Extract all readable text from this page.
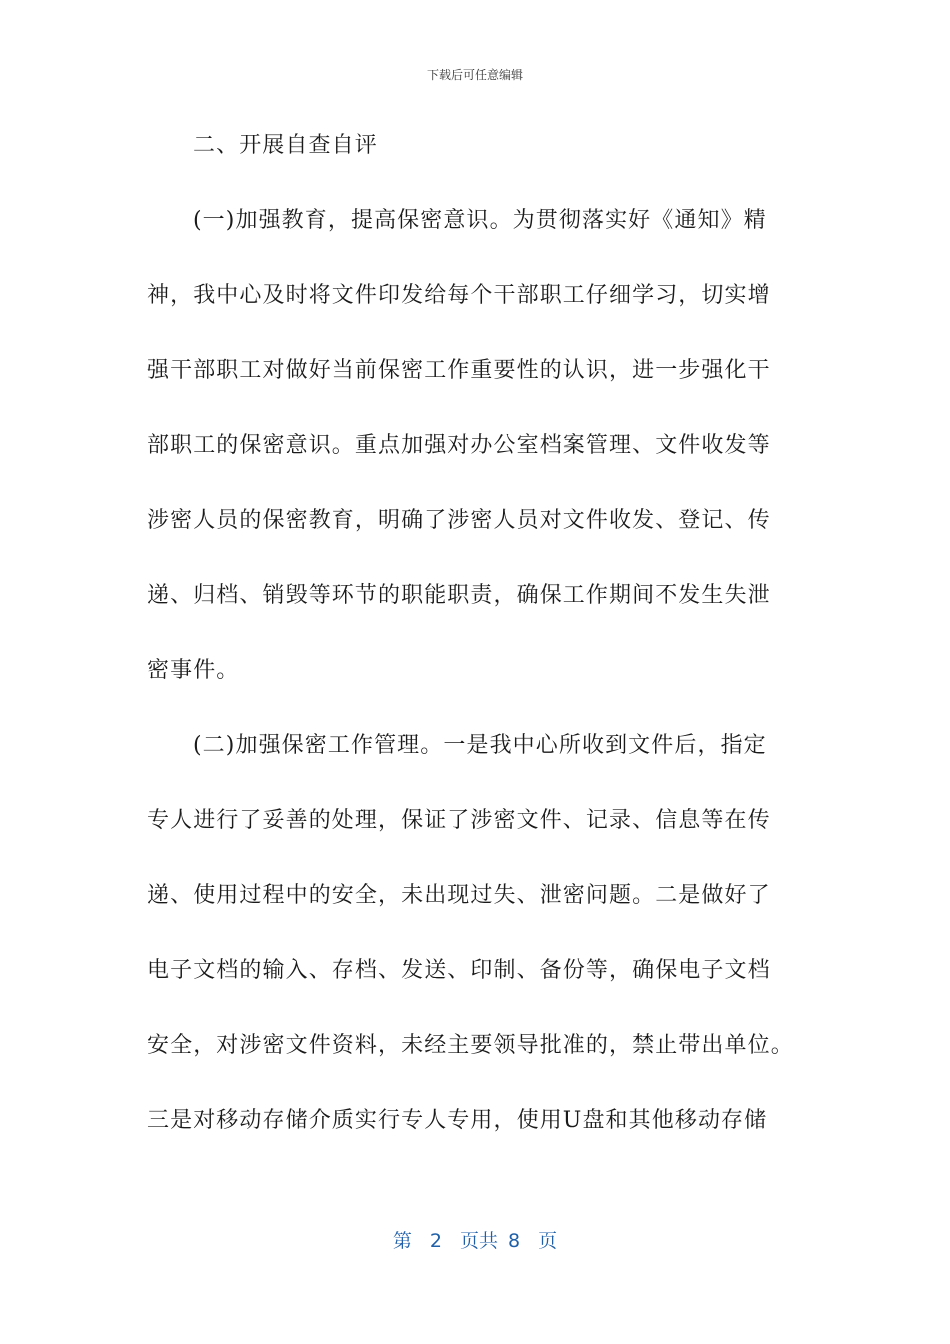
下载后可任意编辑
二、开展自查自评
(一)加强教育，提高保密意识。为贯彻落实好《通知》精
神，我中心及时将文件印发给每个干部职工仔细学习，切实增
强干部职工对做好当前保密工作重要性的认识，进一步强化干
部职工的保密意识。重点加强对办公室档案管理、文件收发等
涉密人员的保密教育，明确了涉密人员对文件收发、登记、传
递、归档、销毁等环节的职能职责，确保工作期间不发生失泄
密事件。
(二)加强保密工作管理。一是我中心所收到文件后，指定
专人进行了妥善的处理，保证了涉密文件、记录、信息等在传
递、使用过程中的安全，未出现过失、泄密问题。二是做好了
电子文档的输入、存档、发送、印制、备份等，确保电子文档
安全，对涉密文件资料，未经主要领导批准的，禁止带出单位。
三是对移动存储介质实行专人专用，使用U盘和其他移动存储
第 2 页共 8 页
